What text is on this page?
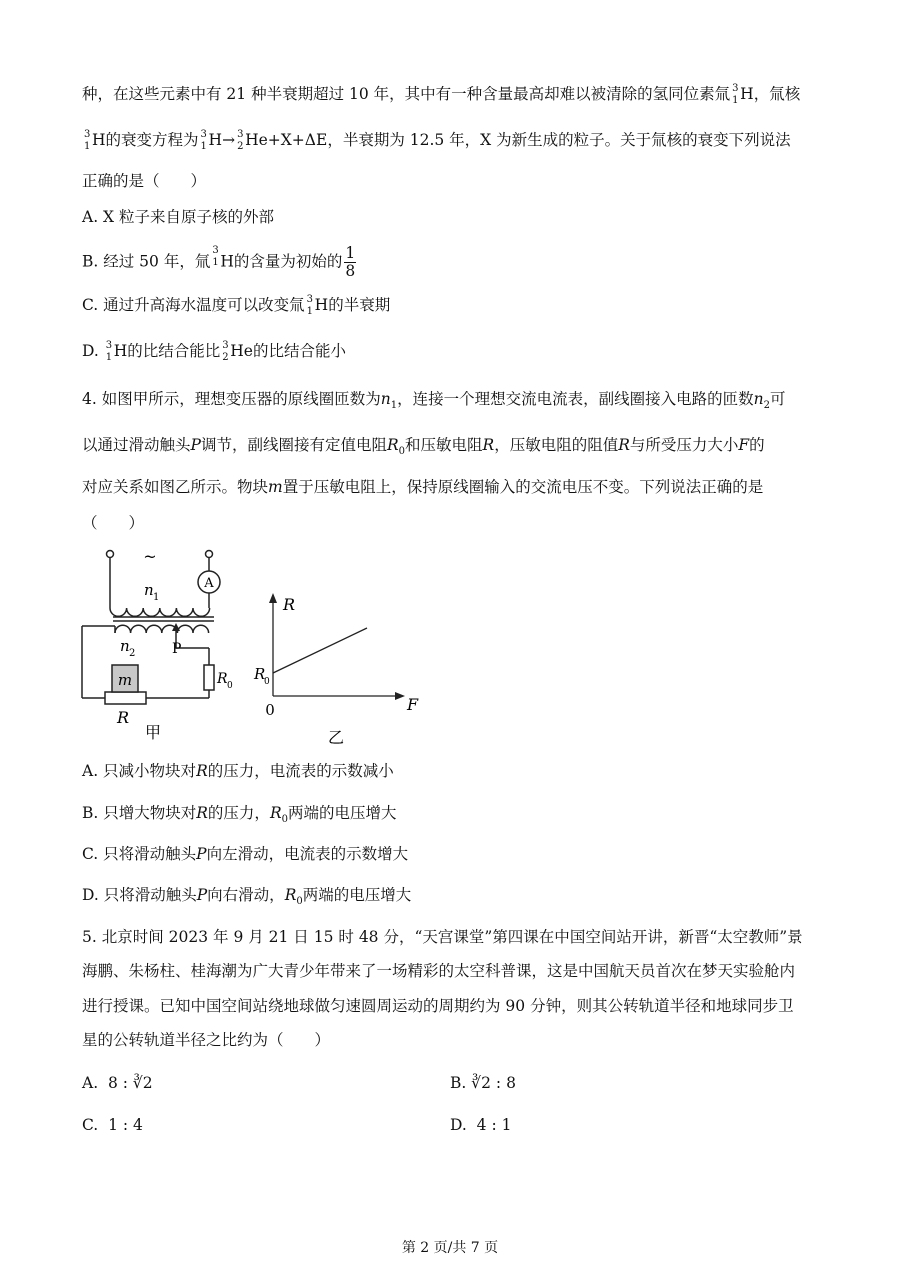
种，在这些元素中有 21 种半衰期超过 10 年，其中有一种含量最高却难以被清除的氢同位素氚 3
1 H，氚核
3
1 H的衰变方程为 3
1 H→ 3
2 He+X+ΔE，半衰期为 12.5 年，X 为新生成的粒子。关于氚核的衰变下列说法
正确的是（　　）
A. X 粒子来自原子核的外部
B. 经过 50 年，氚
3
1 H的含量为初始的 $\frac{1}{8}$
C. 通过升高海水温度可以改变氚 3
1 H的半衰期
D. 3
1 H的比结合能比 3
2 He的比结合能小
4. 如图甲所示，理想变压器的原线圈匝数为$n_1$，连接一个理想交流电流表，副线圈接入电路的匝数$n_2$可
以通过滑动触头P调节，副线圈接有定值电阻$R_0$和压敏电阻R，压敏电阻的阻值R与所受压力大小F的
对应关系如图乙所示。物块m置于压敏电阻上，保持原线圈输入的交流电压不变。下列说法正确的是
（　　）
~
A
n 1
n 2	P
m
R
R 0
甲
R
F
R
0
0
乙
A. 只减小物块对R的压力，电流表的示数减小
B. 只增大物块对R的压力，$R_0$两端的电压增大
C. 只将滑动触头P向左滑动，电流表的示数增大
D. 只将滑动触头P向右滑动，$R_0$两端的电压增大
5. 北京时间 2023 年 9 月 21 日 15 时 48 分，“天宫课堂”第四课在中国空间站开讲，新晋“太空教师”景
海鹏、朱杨柱、桂海潮为广大青少年带来了一场精彩的太空科普课，这是中国航天员首次在梦天实验舱内
进行授课。已知中国空间站绕地球做匀速圆周运动的周期约为 90 分钟，则其公转轨道半径和地球同步卫
星的公转轨道半径之比约为（　　）
A. 8 : ∛2	B. ∛2 : 8
C. 1 : 4	D. 4 : 1
第 2 页/共 7 页
